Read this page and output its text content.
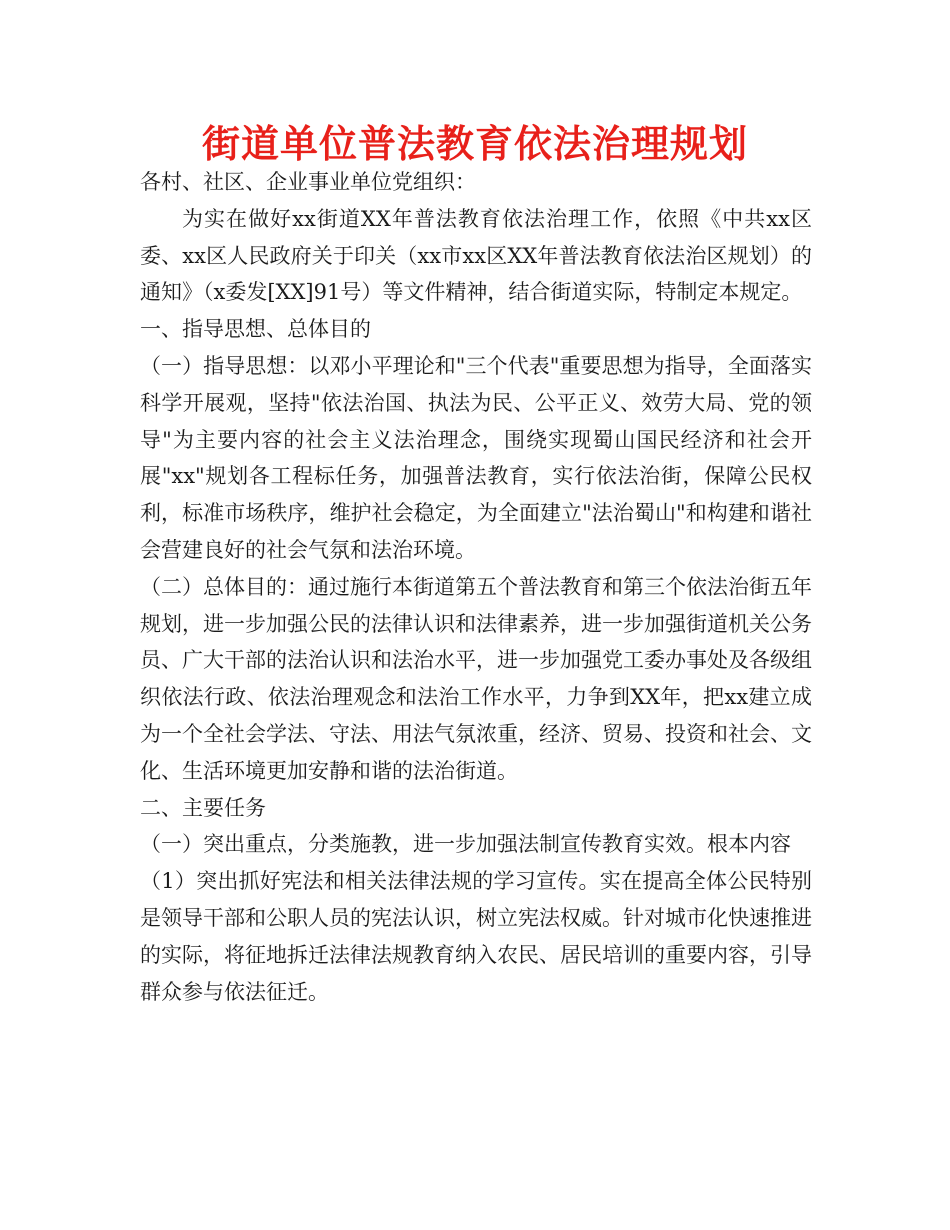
街道单位普法教育依法治理规划

各村、社区、企业事业单位党组织：

为实在做好xx街道XX年普法教育依法治理工作，依照《中共xx区委、xx区人民政府关于印关（xx市xx区XX年普法教育依法治区规划）的通知》（x委发[XX]91号）等文件精神，结合街道实际，特制定本规定。

一、指导思想、总体目的

（一）指导思想：以邓小平理论和"三个代表"重要思想为指导，全面落实科学开展观，坚持"依法治国、执法为民、公平正义、效劳大局、党的领导"为主要内容的社会主义法治理念，围绕实现蜀山国民经济和社会开展"xx"规划各工程标任务，加强普法教育，实行依法治街，保障公民权利，标准市场秩序，维护社会稳定，为全面建立"法治蜀山"和构建和谐社会营建良好的社会气氛和法治环境。

（二）总体目的：通过施行本街道第五个普法教育和第三个依法治街五年规划，进一步加强公民的法律认识和法律素养，进一步加强街道机关公务员、广大干部的法治认识和法治水平，进一步加强党工委办事处及各级组织依法行政、依法治理观念和法治工作水平，力争到XX年，把xx建立成为一个全社会学法、守法、用法气氛浓重，经济、贸易、投资和社会、文化、生活环境更加安静和谐的法治街道。

二、主要任务

（一）突出重点，分类施教，进一步加强法制宣传教育实效。根本内容

（1）突出抓好宪法和相关法律法规的学习宣传。实在提高全体公民特别是领导干部和公职人员的宪法认识，树立宪法权威。针对城市化快速推进的实际，将征地拆迁法律法规教育纳入农民、居民培训的重要内容，引导群众参与依法征迁。
